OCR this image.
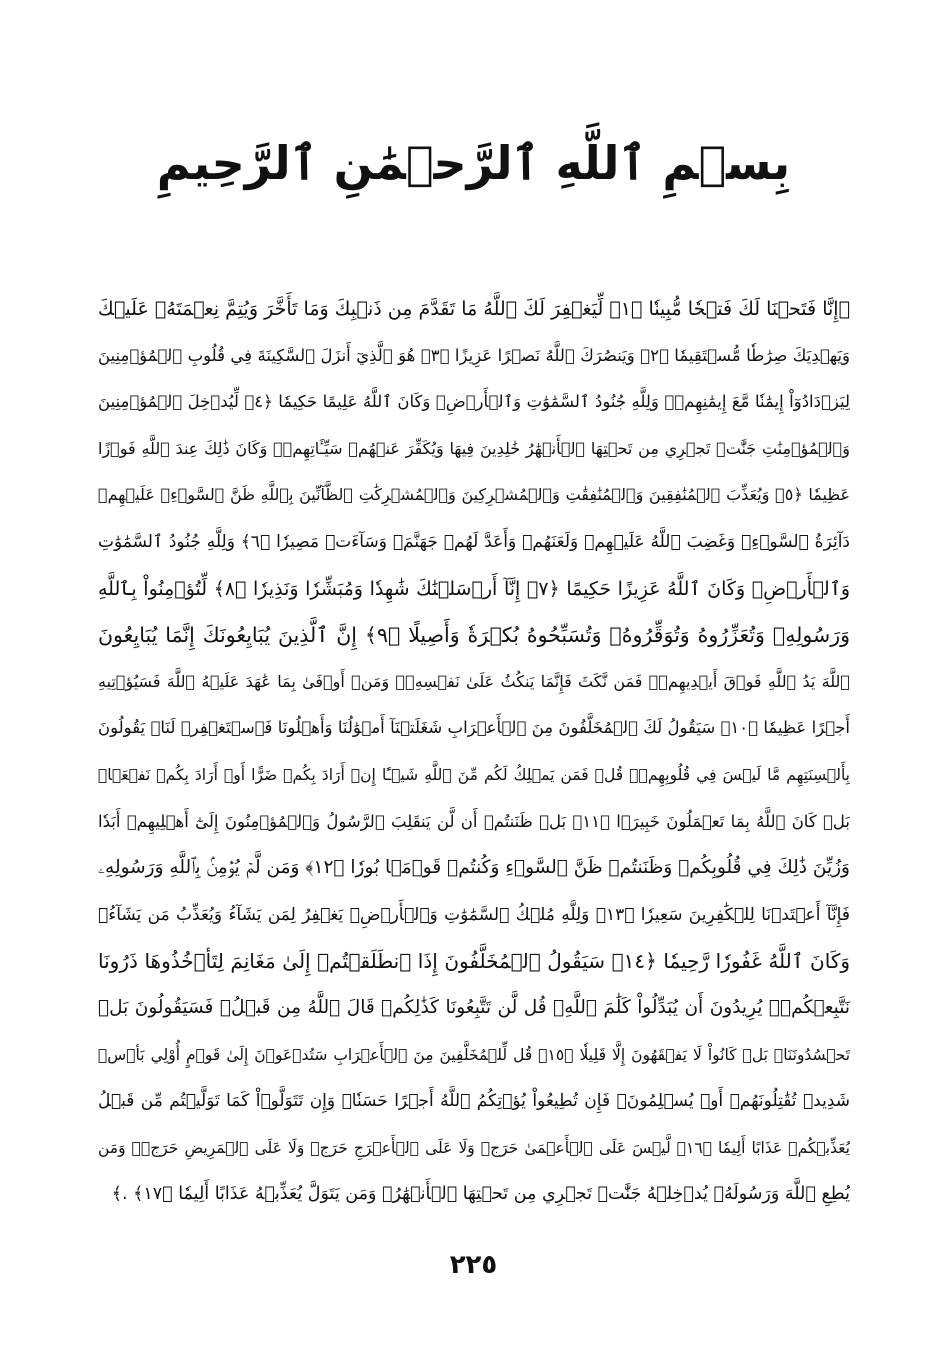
بِسۡمِ ٱللَّهِ ٱلرَّحۡمَٰنِ ٱلرَّحِيمِ
﴿إِنَّا فَتَحۡنَا لَكَ فَتۡحٗا مُّبِينٗا ﴿١﴾ لِّيَغۡفِرَ لَكَ ٱللَّهُ مَا تَقَدَّمَ مِن ذَنۢبِكَ وَمَا تَأَخَّرَ وَيُتِمَّ نِعۡمَتَهُۥ عَلَيۡكَ
وَيَهۡدِيَكَ صِرَٰطٗا مُّسۡتَقِيمٗا ﴿٢﴾ وَيَنصُرَكَ ٱللَّهُ نَصۡرًا عَزِيزًا ﴿٣﴾ هُوَ ٱلَّذِيٓ أَنزَلَ ٱلسَّكِينَةَ فِي قُلُوبِ ٱلۡمُؤۡمِنِينَ
لِيَزۡدَادُوٓاْ إِيمَٰنٗا مَّعَ إِيمَٰنِهِمۡۗ وَلِلَّهِ جُنُودُ ٱلسَّمَٰوَٰتِ وَٱلۡأَرۡضِۚ وَكَانَ ٱللَّهُ عَلِيمًا حَكِيمٗا ﴿٤﴾ لِّيُدۡخِلَ ٱلۡمُؤۡمِنِينَ
وَٱلۡمُؤۡمِنَٰتِ جَنَّٰتٖ تَجۡرِي مِن تَحۡتِهَا ٱلۡأَنۡهَٰرُ خَٰلِدِينَ فِيهَا وَيُكَفِّرَ عَنۡهُمۡ سَيِّـَٔاتِهِمۡۚ وَكَانَ ذَٰلِكَ عِندَ ٱللَّهِ فَوۡزًا
عَظِيمٗا ﴿٥﴾ وَيُعَذِّبَ ٱلۡمُنَٰفِقِينَ وَٱلۡمُنَٰفِقَٰتِ وَٱلۡمُشۡرِكِينَ وَٱلۡمُشۡرِكَٰتِ ٱلظَّآنِّينَ بِٱللَّهِ ظَنَّ ٱلسَّوۡءِۚ عَلَيۡهِمۡ
دَآئِرَةُ ٱلسَّوۡءِۖ وَغَضِبَ ٱللَّهُ عَلَيۡهِمۡ وَلَعَنَهُمۡ وَأَعَدَّ لَهُمۡ جَهَنَّمَۖ وَسَآءَتۡ مَصِيرٗا ﴿٦﴾ وَلِلَّهِ جُنُودُ ٱلسَّمَٰوَٰتِ
وَٱلۡأَرۡضِۚ وَكَانَ ٱللَّهُ عَزِيزًا حَكِيمًا ﴿٧﴾ إِنَّآ أَرۡسَلۡنَٰكَ شَٰهِدٗا وَمُبَشِّرٗا وَنَذِيرٗا ﴿٨﴾ لِّتُؤۡمِنُواْ بِٱللَّهِ
وَرَسُولِهِۦ وَتُعَزِّرُوهُ وَتُوَقِّرُوهُۚ وَتُسَبِّحُوهُ بُكۡرَةٗ وَأَصِيلًا ﴿٩﴾ إِنَّ ٱلَّذِينَ يُبَايِعُونَكَ إِنَّمَا يُبَايِعُونَ
ٱللَّهَ يَدُ ٱللَّهِ فَوۡقَ أَيۡدِيهِمۡۚ فَمَن نَّكَثَ فَإِنَّمَا يَنكُثُ عَلَىٰ نَفۡسِهِۦۖ وَمَنۡ أَوۡفَىٰ بِمَا عَٰهَدَ عَلَيۡهُ ٱللَّهَ فَسَيُؤۡتِيهِ
أَجۡرًا عَظِيمٗا ﴿١٠﴾ سَيَقُولُ لَكَ ٱلۡمُخَلَّفُونَ مِنَ ٱلۡأَعۡرَابِ شَغَلَتۡنَآ أَمۡوَٰلُنَا وَأَهۡلُونَا فَٱسۡتَغۡفِرۡ لَنَاۚ يَقُولُونَ
بِأَلۡسِنَتِهِم مَّا لَيۡسَ فِي قُلُوبِهِمۡۚ قُلۡ فَمَن يَمۡلِكُ لَكُم مِّنَ ٱللَّهِ شَيۡـًٔا إِنۡ أَرَادَ بِكُمۡ ضَرًّا أَوۡ أَرَادَ بِكُمۡ نَفۡعَۢاۚ
بَلۡ كَانَ ٱللَّهُ بِمَا تَعۡمَلُونَ خَبِيرَۢا ﴿١١﴾ بَلۡ ظَنَنتُمۡ أَن لَّن يَنقَلِبَ ٱلرَّسُولُ وَٱلۡمُؤۡمِنُونَ إِلَىٰٓ أَهۡلِيهِمۡ أَبَدٗا
وَزُيِّنَ ذَٰلِكَ فِي قُلُوبِكُمۡ وَظَنَنتُمۡ ظَنَّ ٱلسَّوۡءِ وَكُنتُمۡ قَوۡمَۢا بُورٗا ﴿١٢﴾ وَمَن لَّمۡ يُؤۡمِنۢ بِٱللَّهِ وَرَسُولِهِۦ
فَإِنَّآ أَعۡتَدۡنَا لِلۡكَٰفِرِينَ سَعِيرٗا ﴿١٣﴾ وَلِلَّهِ مُلۡكُ ٱلسَّمَٰوَٰتِ وَٱلۡأَرۡضِۚ يَغۡفِرُ لِمَن يَشَآءُ وَيُعَذِّبُ مَن يَشَآءُۚ
وَكَانَ ٱللَّهُ غَفُورٗا رَّحِيمٗا ﴿١٤﴾ سَيَقُولُ ٱلۡمُخَلَّفُونَ إِذَا ٱنطَلَقۡتُمۡ إِلَىٰ مَغَانِمَ لِتَأۡخُذُوهَا ذَرُونَا
نَتَّبِعۡكُمۡۖ يُرِيدُونَ أَن يُبَدِّلُواْ كَلَٰمَ ٱللَّهِۚ قُل لَّن تَتَّبِعُونَا كَذَٰلِكُمۡ قَالَ ٱللَّهُ مِن قَبۡلُۖ فَسَيَقُولُونَ بَلۡ
تَحۡسُدُونَنَاۚ بَلۡ كَانُواْ لَا يَفۡقَهُونَ إِلَّا قَلِيلٗا ﴿١٥﴾ قُل لِّلۡمُخَلَّفِينَ مِنَ ٱلۡأَعۡرَابِ سَتُدۡعَوۡنَ إِلَىٰ قَوۡمٍ أُوْلِي بَأۡسٖ
شَدِيدٖ تُقَٰتِلُونَهُمۡ أَوۡ يُسۡلِمُونَۖ فَإِن تُطِيعُواْ يُؤۡتِكُمُ ٱللَّهُ أَجۡرًا حَسَنٗاۖ وَإِن تَتَوَلَّوۡاْ كَمَا تَوَلَّيۡتُم مِّن قَبۡلُ
يُعَذِّبۡكُمۡ عَذَابًا أَلِيمٗا ﴿١٦﴾ لَّيۡسَ عَلَى ٱلۡأَعۡمَىٰ حَرَجٞ وَلَا عَلَى ٱلۡأَعۡرَجِ حَرَجٞ وَلَا عَلَى ٱلۡمَرِيضِ حَرَجٞۗ وَمَن
يُطِعِ ٱللَّهَ وَرَسُولَهُۥ يُدۡخِلۡهُ جَنَّٰتٖ تَجۡرِي مِن تَحۡتِهَا ٱلۡأَنۡهَٰرُۖ وَمَن يَتَوَلَّ يُعَذِّبۡهُ عَذَابًا أَلِيمٗا ﴿١٧﴾ .﴾
٢٢٥
